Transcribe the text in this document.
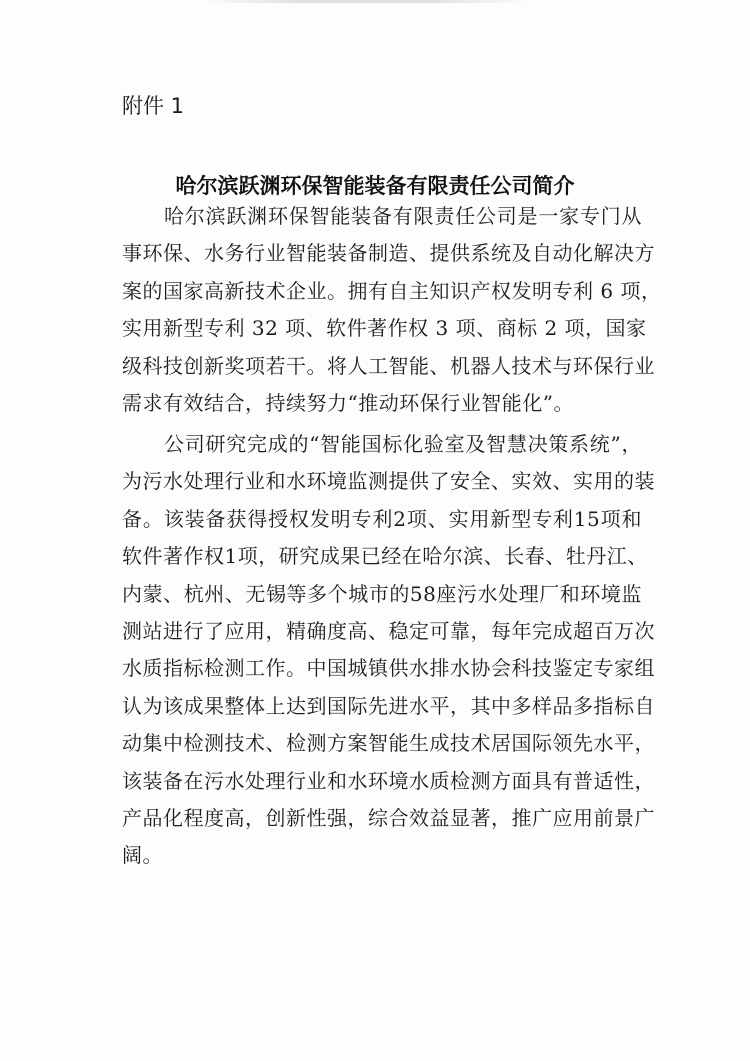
附件 1
哈尔滨跃渊环保智能装备有限责任公司简介
哈尔滨跃渊环保智能装备有限责任公司是一家专门从
事环保、水务行业智能装备制造、提供系统及自动化解决方
案的国家高新技术企业。拥有自主知识产权发明专利 6 项，
实用新型专利 32 项、软件著作权 3 项、商标 2 项，国家
级科技创新奖项若干。将人工智能、机器人技术与环保行业
需求有效结合，持续努力“推动环保行业智能化”。
公司研究完成的“智能国标化验室及智慧决策系统”，
为污水处理行业和水环境监测提供了安全、实效、实用的装
备。该装备获得授权发明专利2项、实用新型专利15项和
软件著作权1项，研究成果已经在哈尔滨、长春、牡丹江、
内蒙、杭州、无锡等多个城市的58座污水处理厂和环境监
测站进行了应用，精确度高、稳定可靠，每年完成超百万次
水质指标检测工作。中国城镇供水排水协会科技鉴定专家组
认为该成果整体上达到国际先进水平，其中多样品多指标自
动集中检测技术、检测方案智能生成技术居国际领先水平，
该装备在污水处理行业和水环境水质检测方面具有普适性，
产品化程度高，创新性强，综合效益显著，推广应用前景广
阔。
